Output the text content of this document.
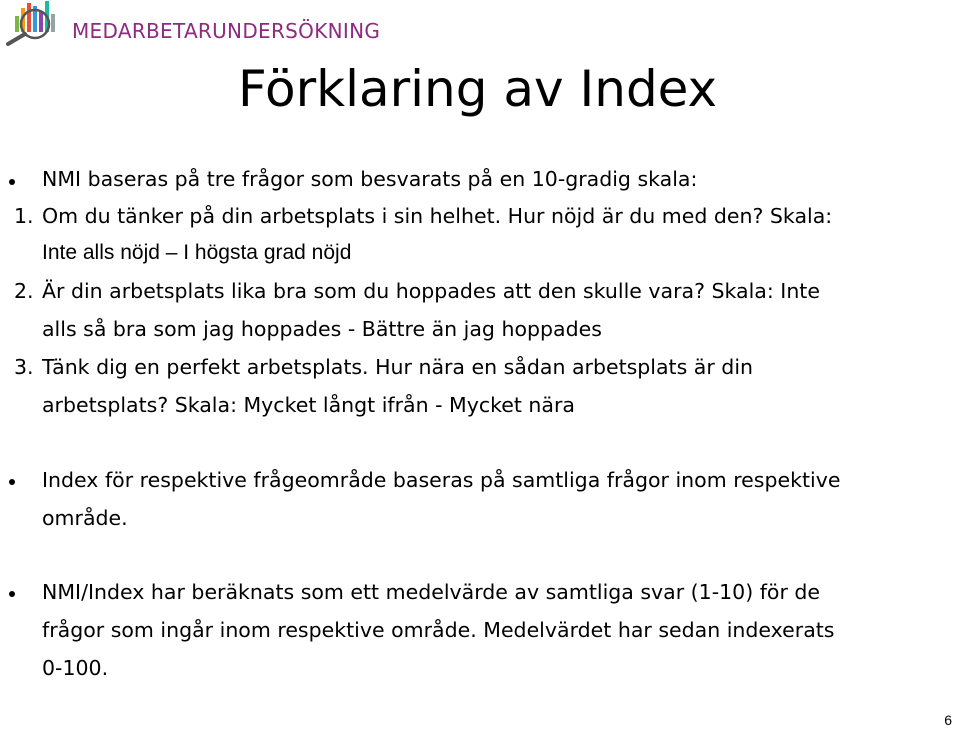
MEDARBETARUNDERSÖKNING
Förklaring av Index
NMI baseras på tre frågor som besvarats på en 10-gradig skala:
1. Om du tänker på din arbetsplats i sin helhet. Hur nöjd är du med den? Skala:
Inte alls nöjd – I högsta grad nöjd
2. Är din arbetsplats lika bra som du hoppades att den skulle vara? Skala: Inte
alls så bra som jag hoppades - Bättre än jag hoppades
3. Tänk dig en perfekt arbetsplats. Hur nära en sådan arbetsplats är din
arbetsplats? Skala: Mycket långt ifrån - Mycket nära
Index för respektive frågeområde baseras på samtliga frågor inom respektive
område.
NMI/Index har beräknats som ett medelvärde av samtliga svar (1-10) för de
frågor som ingår inom respektive område. Medelvärdet har sedan indexerats
0-100.
6
